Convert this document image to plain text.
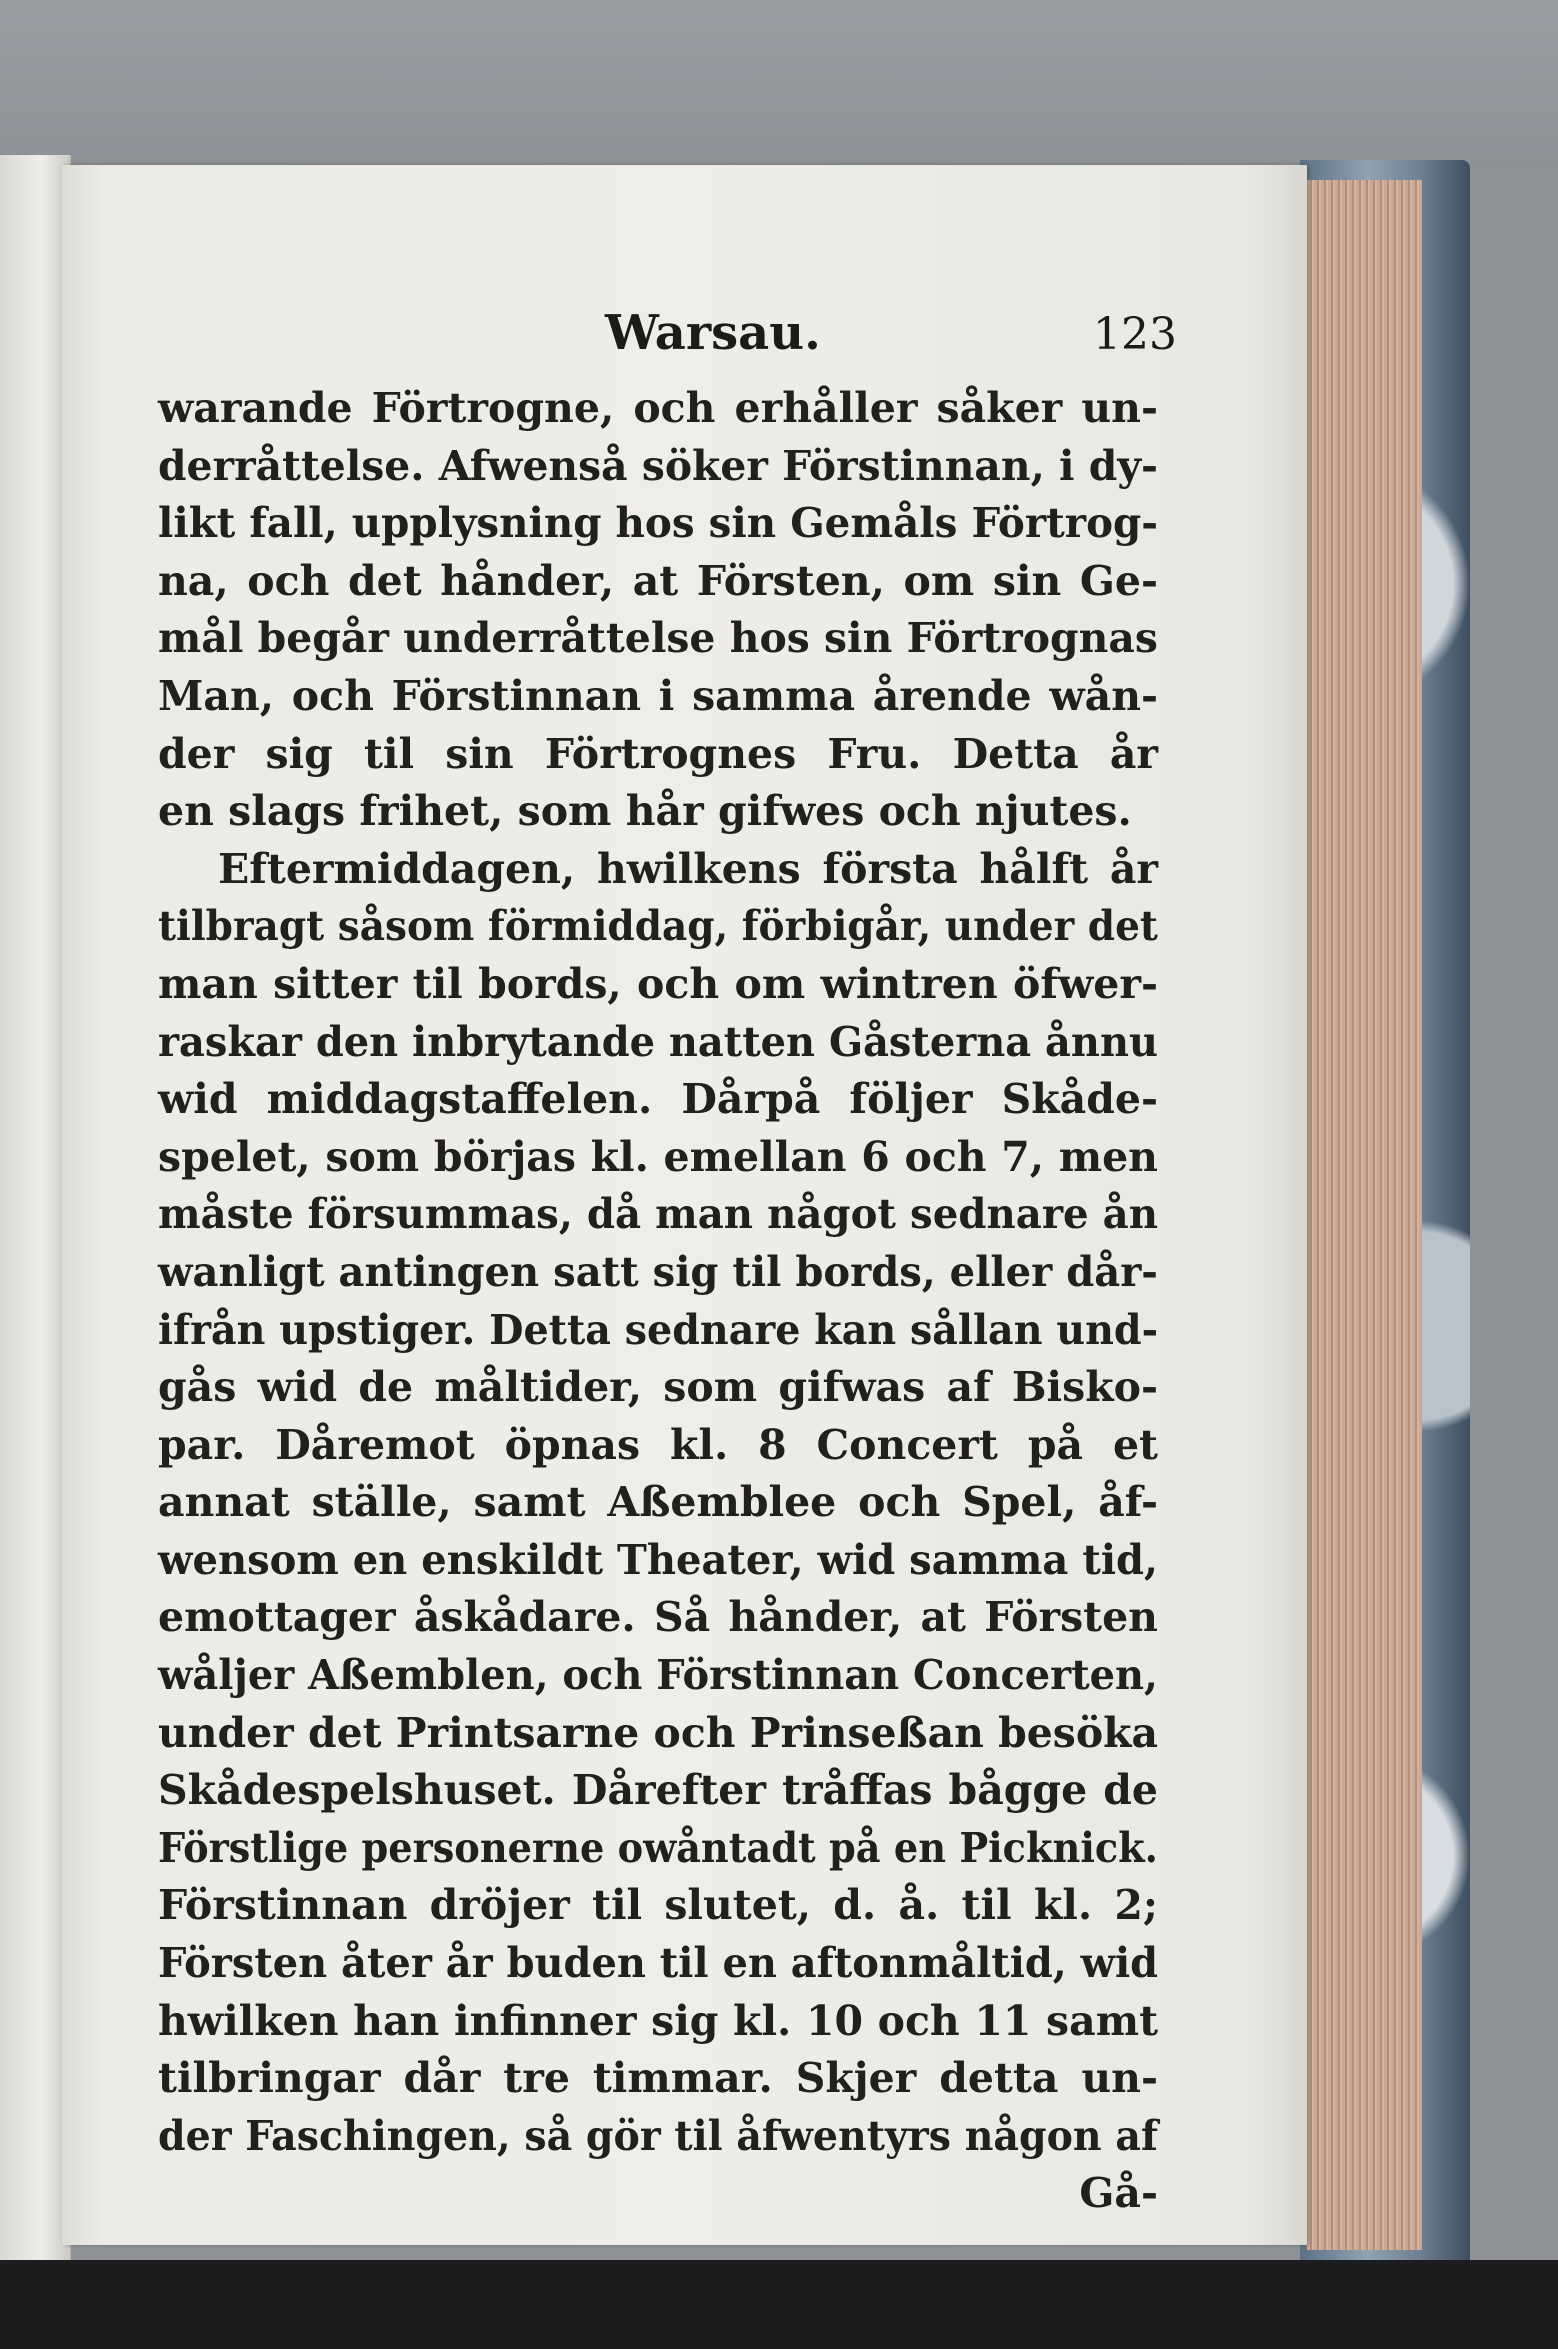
Warsau.	123
warande Förtrogne, och erhåller såker un-
derråttelse. Afwenså söker Förstinnan, i dy-
likt fall, upplysning hos sin Gemåls Förtrog-
na, och det hånder, at Försten, om sin Ge-
mål begår underråttelse hos sin Förtrognas
Man, och Förstinnan i samma årende wån-
der sig til sin Förtrognes Fru. Detta år
en slags frihet, som hår gifwes och njutes.
Eftermiddagen, hwilkens första hålft år
tilbragt såsom förmiddag, förbigår, under det
man sitter til bords, och om wintren öfwer-
raskar den inbrytande natten Gåsterna ånnu
wid middagstaffelen. Dårpå följer Skåde-
spelet, som börjas kl. emellan 6 och 7, men
måste försummas, då man något sednare ån
wanligt antingen satt sig til bords, eller dår-
ifrån upstiger. Detta sednare kan sållan und-
gås wid de måltider, som gifwas af Bisko-
par. Dåremot öpnas kl. 8 Concert på et
annat ställe, samt Aßemblee och Spel, åf-
wensom en enskildt Theater, wid samma tid,
emottager åskådare. Så hånder, at Försten
wåljer Aßemblen, och Förstinnan Concerten,
under det Printsarne och Prinseßan besöka
Skådespelshuset. Dårefter tråffas bågge de
Förstlige personerne owåntadt på en Picknick.
Förstinnan dröjer til slutet, d. å. til kl. 2;
Försten åter år buden til en aftonmåltid, wid
hwilken han infinner sig kl. 10 och 11 samt
tilbringar dår tre timmar. Skjer detta un-
der Faschingen, så gör til åfwentyrs någon af
Gå-
